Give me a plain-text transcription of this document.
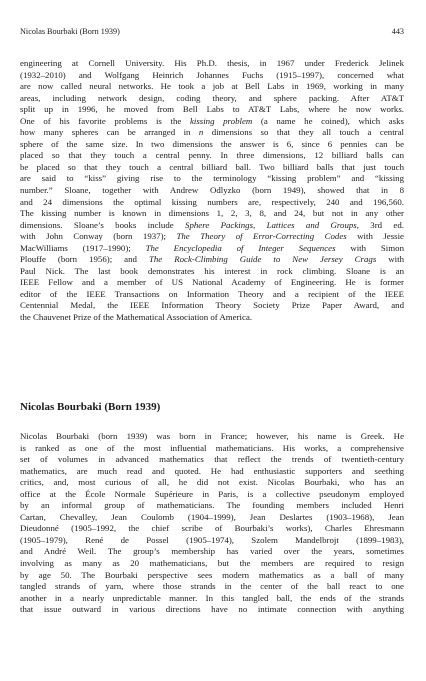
Nicolas Bourbaki (Born 1939)	443
engineering at Cornell University. His Ph.D. thesis, in 1967 under Frederick Jelinek
(1932–2010) and Wolfgang Heinrich Johannes Fuchs (1915–1997), concerned what
are now called neural networks. He took a job at Bell Labs in 1969, working in many
areas, including network design, coding theory, and sphere packing. After AT&T
split up in 1996, he moved from Bell Labs to AT&T Labs, where he now works.
One of his favorite problems is the kissing problem (a name he coined), which asks
how many spheres can be arranged in n dimensions so that they all touch a central
sphere of the same size. In two dimensions the answer is 6, since 6 pennies can be
placed so that they touch a central penny. In three dimensions, 12 billiard balls can
be placed so that they touch a central billiard ball. Two billiard balls that just touch
are said to “kiss” giving rise to the terminology “kissing problem” and “kissing
number.” Sloane, together with Andrew Odlyzko (born 1949), showed that in 8
and 24 dimensions the optimal kissing numbers are, respectively, 240 and 196,560.
The kissing number is known in dimensions 1, 2, 3, 8, and 24, but not in any other
dimensions. Sloane’s books include Sphere Packings, Lattices and Groups, 3rd ed.
with John Conway (born 1937); The Theory of Error-Correcting Codes with Jessie
MacWilliams (1917–1990); The Encyclopedia of Integer Sequences with Simon
Plouffe (born 1956); and The Rock-Climbing Guide to New Jersey Crags with
Paul Nick. The last book demonstrates his interest in rock climbing. Sloane is an
IEEE Fellow and a member of US National Academy of Engineering. He is former
editor of the IEEE Transactions on Information Theory and a recipient of the IEEE
Centennial Medal, the IEEE Information Theory Society Prize Paper Award, and
the Chauvenet Prize of the Mathematical Association of America.
Nicolas Bourbaki (Born 1939)
Nicolas Bourbaki (born 1939) was born in France; however, his name is Greek. He
is ranked as one of the most influential mathematicians. His works, a comprehensive
set of volumes in advanced mathematics that reflect the trends of twentieth-century
mathematics, are much read and quoted. He had enthusiastic supporters and seething
critics, and, most curious of all, he did not exist. Nicolas Bourbaki, who has an
office at the École Normale Supérieure in Paris, is a collective pseudonym employed
by an informal group of mathematicians. The founding members included Henri
Cartan, Chevalley, Jean Coulomb (1904–1999), Jean Deslartes (1903–1968), Jean
Dieudonné (1905–1992, the chief scribe of Bourbaki’s works), Charles Ehresmann
(1905–1979), René de Possel (1905–1974), Szolem Mandelbrojt (1899–1983),
and André Weil. The group’s membership has varied over the years, sometimes
involving as many as 20 mathematicians, but the members are required to resign
by age 50. The Bourbaki perspective sees modern mathematics as a ball of many
tangled strands of yarn, where those strands in the center of the ball react to one
another in a nearly unpredictable manner. In this tangled ball, the ends of the strands
that issue outward in various directions have no intimate connection with anything
